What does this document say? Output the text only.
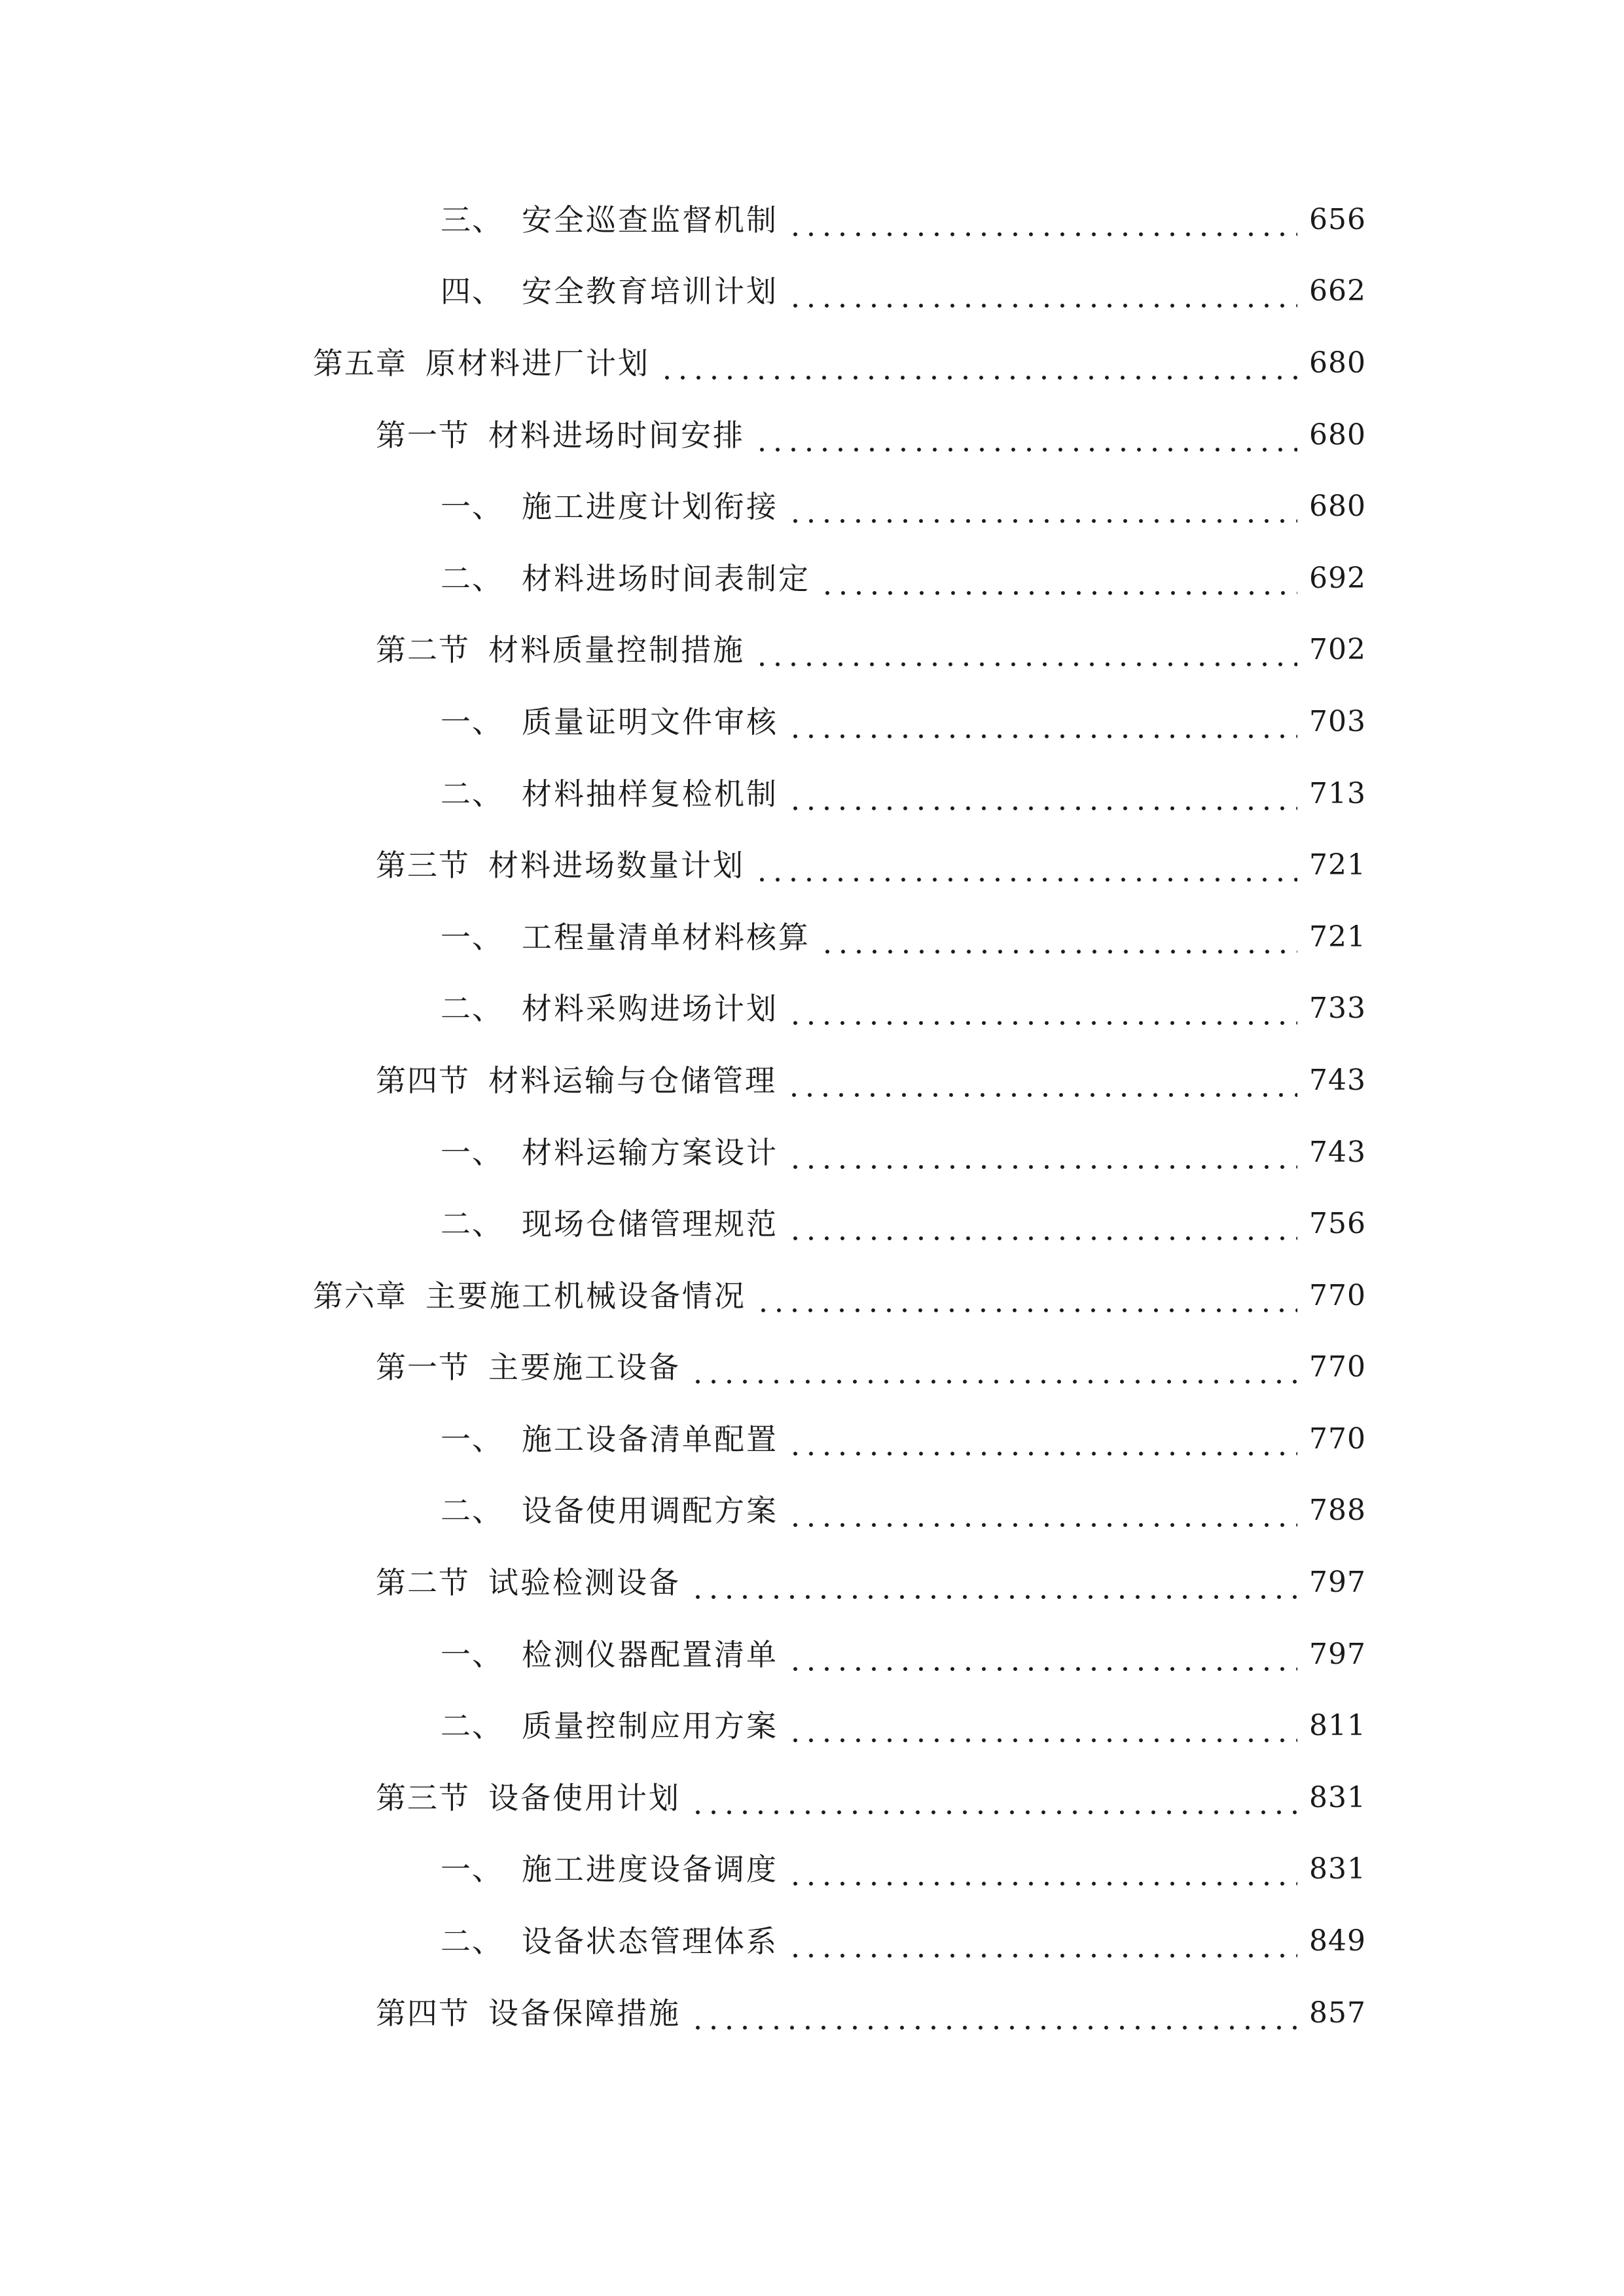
三、 安全巡查监督机制	656
四、 安全教育培训计划	662
第五章 原材料进厂计划	680
第一节 材料进场时间安排	680
一、 施工进度计划衔接	680
二、 材料进场时间表制定	692
第二节 材料质量控制措施	702
一、 质量证明文件审核	703
二、 材料抽样复检机制	713
第三节 材料进场数量计划	721
一、 工程量清单材料核算	721
二、 材料采购进场计划	733
第四节 材料运输与仓储管理	743
一、 材料运输方案设计	743
二、 现场仓储管理规范	756
第六章 主要施工机械设备情况	770
第一节 主要施工设备	770
一、 施工设备清单配置	770
二、 设备使用调配方案	788
第二节 试验检测设备	797
一、 检测仪器配置清单	797
二、 质量控制应用方案	811
第三节 设备使用计划	831
一、 施工进度设备调度	831
二、 设备状态管理体系	849
第四节 设备保障措施	857
